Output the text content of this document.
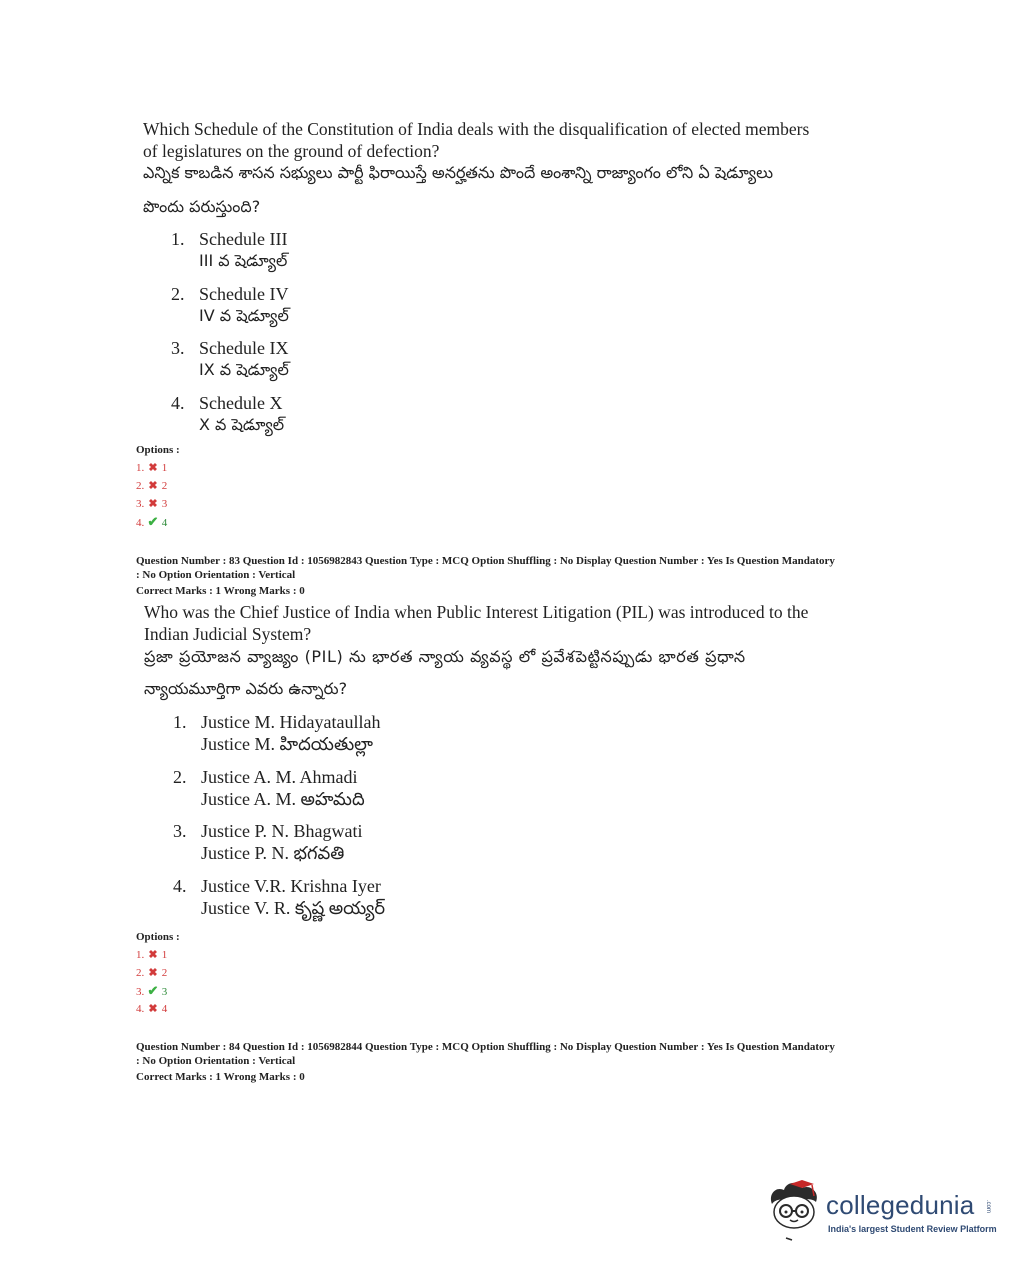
Which Schedule of the Constitution of India deals with the disqualification of elected members
of legislatures on the ground of defection?
ఎన్నిక కాబడిన శాసన సభ్యులు పార్టీ ఫిరాయిస్తే అనర్హతను పొందే అంశాన్ని రాజ్యాంగం లోని ఏ షెడ్యూలు
పొందు పరుస్తుంది?
1. Schedule III
III వ షెడ్యూల్
2. Schedule IV
IV వ షెడ్యూల్
3. Schedule IX
IX వ షెడ్యూల్
4. Schedule X
X వ షెడ్యూల్
Options :
1. ✖ 1
2. ✖ 2
3. ✖ 3
4. ✔ 4
Question Number : 83 Question Id : 1056982843 Question Type : MCQ Option Shuffling : No Display Question Number : Yes Is Question Mandatory
: No Option Orientation : Vertical
Correct Marks : 1 Wrong Marks : 0
Who was the Chief Justice of India when Public Interest Litigation (PIL) was introduced to the
Indian Judicial System?
ప్రజా ప్రయోజన వ్యాజ్యం (PIL) ను భారత న్యాయ వ్యవస్థ లో ప్రవేశపెట్టినప్పుడు భారత ప్రధాన
న్యాయమూర్తిగా ఎవరు ఉన్నారు?
1. Justice M. Hidayataullah
Justice M. హిదయతుల్లా
2. Justice A. M. Ahmadi
Justice A. M. అహమది
3. Justice P. N. Bhagwati
Justice P. N. భగవతి
4. Justice V.R. Krishna Iyer
Justice V. R. కృష్ణ అయ్యర్
Options :
1. ✖ 1
2. ✖ 2
3. ✔ 3
4. ✖ 4
Question Number : 84 Question Id : 1056982844 Question Type : MCQ Option Shuffling : No Display Question Number : Yes Is Question Mandatory
: No Option Orientation : Vertical
Correct Marks : 1 Wrong Marks : 0
collegedunia .com
India's largest Student Review Platform
